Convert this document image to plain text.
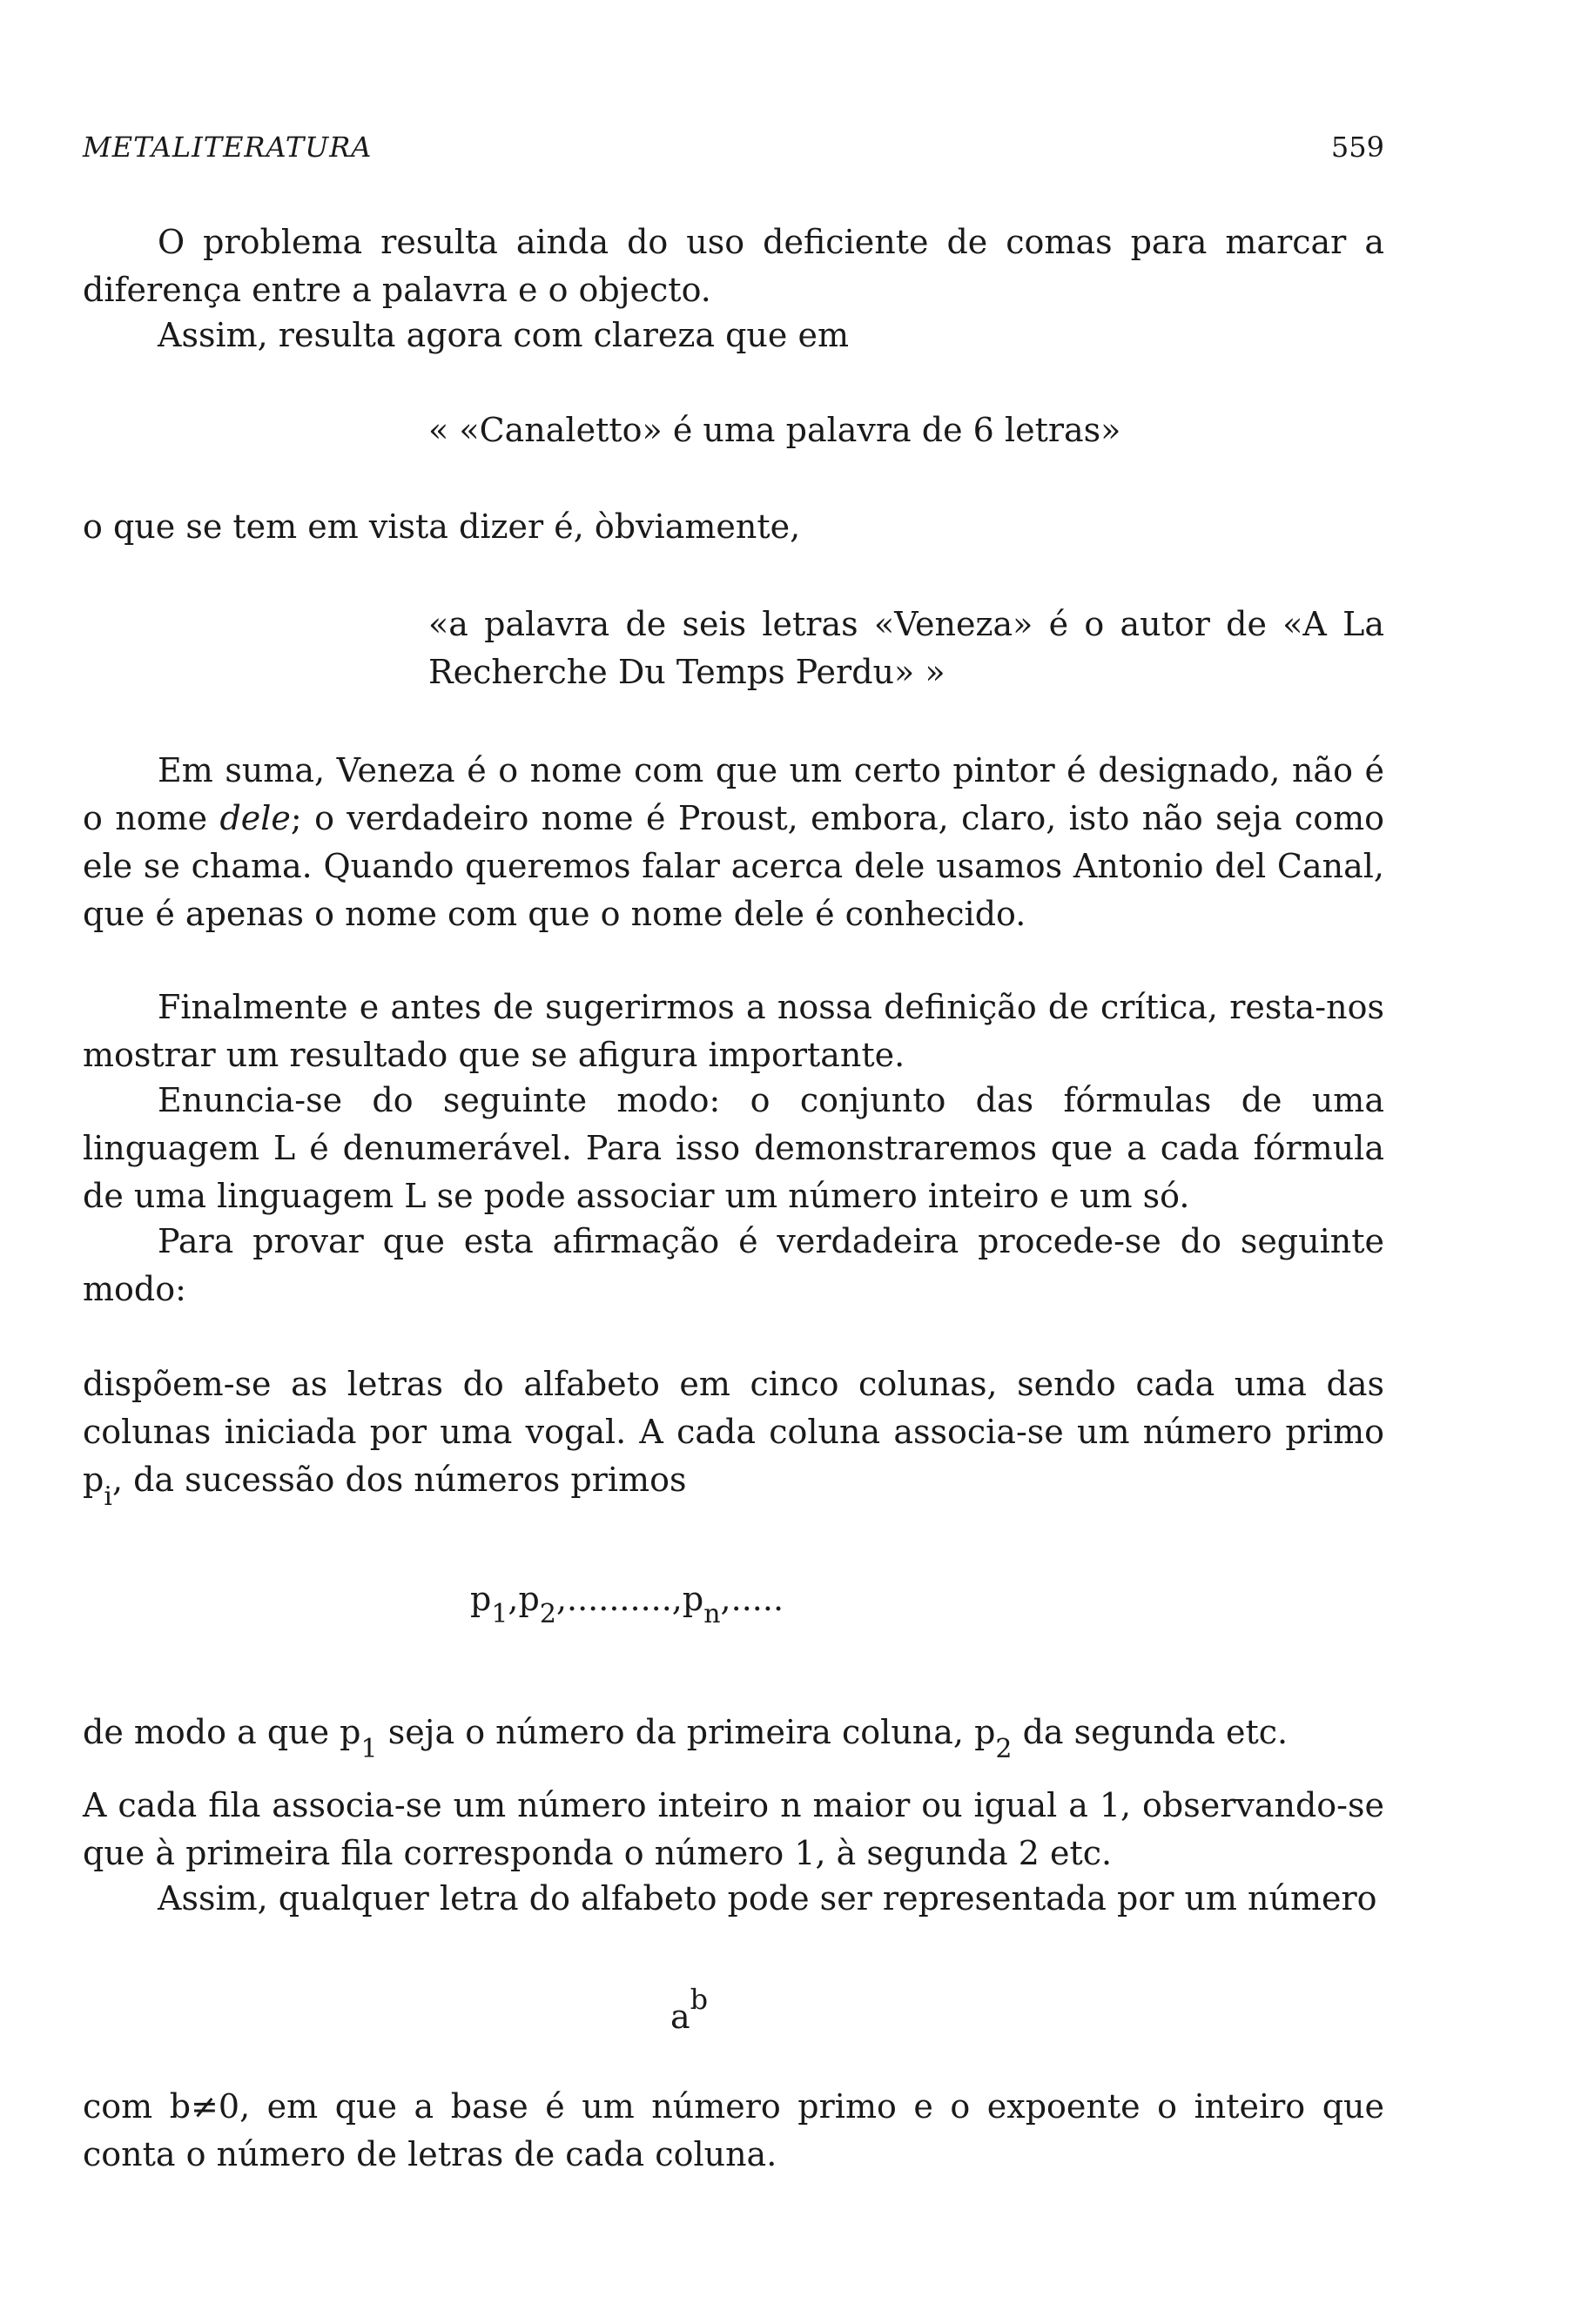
METALITERATURA	559

O problema resulta ainda do uso deficiente de comas para marcar a diferença entre a palavra e o objecto.

Assim, resulta agora com clareza que em

« «Canaletto» é uma palavra de 6 letras»

o que se tem em vista dizer é, òbviamente,

«a palavra de seis letras «Veneza» é o autor de «A La Recherche Du Temps Perdu» »

Em suma, Veneza é o nome com que um certo pintor é designado, não é o nome dele; o verdadeiro nome é Proust, embora, claro, isto não seja como ele se chama. Quando queremos falar acerca dele usamos Antonio del Canal, que é apenas o nome com que o nome dele é conhecido.

Finalmente e antes de sugerirmos a nossa definição de crítica, resta-nos mostrar um resultado que se afigura importante.

Enuncia-se do seguinte modo: o conjunto das fórmulas de uma linguagem L é denumerável. Para isso demonstraremos que a cada fórmula de uma linguagem L se pode associar um número inteiro e um só.

Para provar que esta afirmação é verdadeira procede-se do seguinte modo:

dispõem-se as letras do alfabeto em cinco colunas, sendo cada uma das colunas iniciada por uma vogal. A cada coluna associa-se um número primo $p_i$, da sucessão dos números primos

$p_1,p_2,..........,p_n$,.....

de modo a que $p_1$ seja o número da primeira coluna, $p_2$ da segunda etc.

A cada fila associa-se um número inteiro n maior ou igual a 1, observando-se que à primeira fila corresponda o número 1, à segunda 2 etc.

Assim, qualquer letra do alfabeto pode ser representada por um número

$a^b$

com b≠0, em que a base é um número primo e o expoente o inteiro que conta o número de letras de cada coluna.
